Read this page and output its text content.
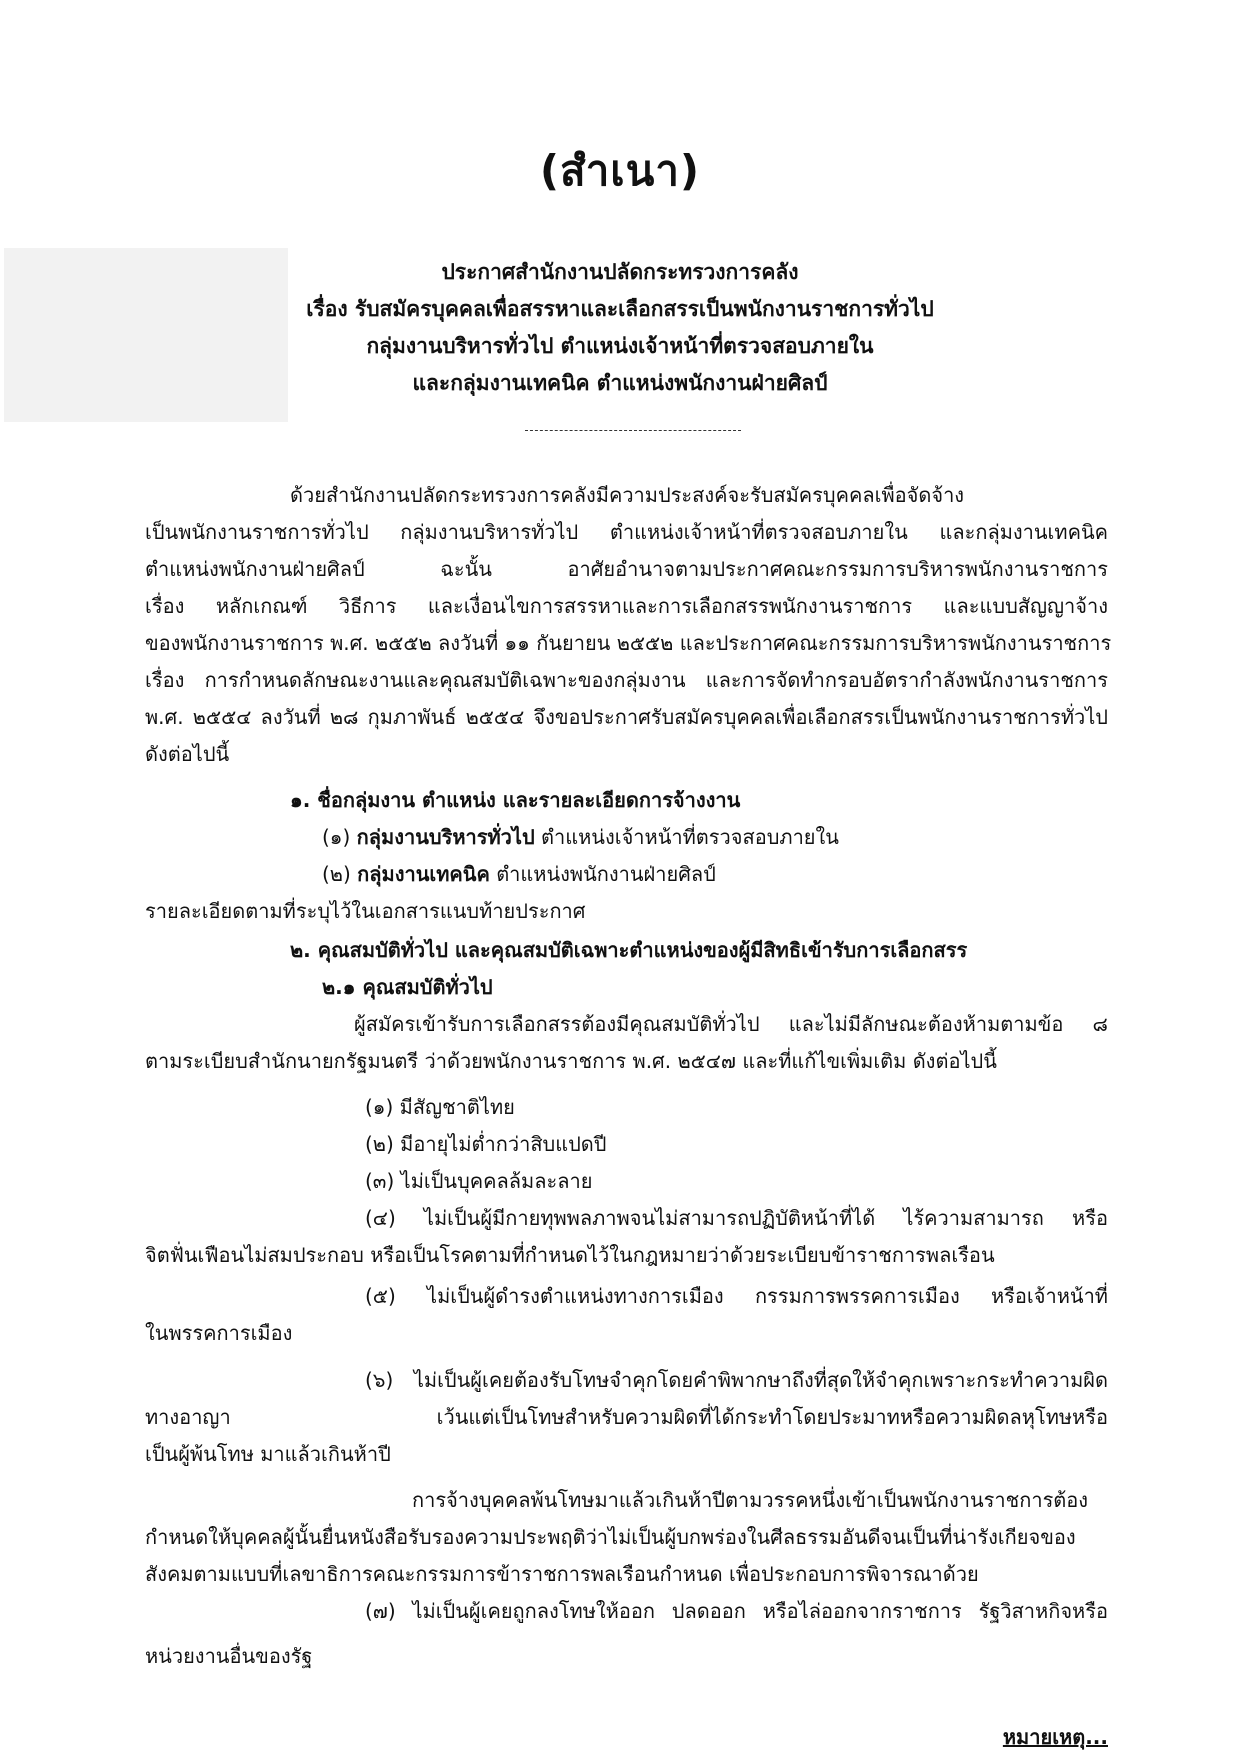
(สำเนา)
ประกาศสำนักงานปลัดกระทรวงการคลัง
เรื่อง รับสมัครบุคคลเพื่อสรรหาและเลือกสรรเป็นพนักงานราชการทั่วไป
กลุ่มงานบริหารทั่วไป ตำแหน่งเจ้าหน้าที่ตรวจสอบภายใน
และกลุ่มงานเทคนิค ตำแหน่งพนักงานฝ่ายศิลป์
ด้วยสำนักงานปลัดกระทรวงการคลังมีความประสงค์จะรับสมัครบุคคลเพื่อจัดจ้าง
เป็นพนักงานราชการทั่วไป กลุ่มงานบริหารทั่วไป ตำแหน่งเจ้าหน้าที่ตรวจสอบภายใน และกลุ่มงานเทคนิค
ตำแหน่งพนักงานฝ่ายศิลป์ ฉะนั้น อาศัยอำนาจตามประกาศคณะกรรมการบริหารพนักงานราชการ
เรื่อง หลักเกณฑ์ วิธีการ และเงื่อนไขการสรรหาและการเลือกสรรพนักงานราชการ และแบบสัญญาจ้าง
ของพนักงานราชการ พ.ศ. ๒๕๕๒ ลงวันที่ ๑๑ กันยายน ๒๕๕๒ และประกาศคณะกรรมการบริหารพนักงานราชการ
เรื่อง การกำหนดลักษณะงานและคุณสมบัติเฉพาะของกลุ่มงาน และการจัดทำกรอบอัตรากำลังพนักงานราชการ
พ.ศ. ๒๕๕๔ ลงวันที่ ๒๘ กุมภาพันธ์ ๒๕๕๔ จึงขอประกาศรับสมัครบุคคลเพื่อเลือกสรรเป็นพนักงานราชการทั่วไป
ดังต่อไปนี้
๑. ชื่อกลุ่มงาน ตำแหน่ง และรายละเอียดการจ้างงาน
(๑) กลุ่มงานบริหารทั่วไป ตำแหน่งเจ้าหน้าที่ตรวจสอบภายใน
(๒) กลุ่มงานเทคนิค ตำแหน่งพนักงานฝ่ายศิลป์
รายละเอียดตามที่ระบุไว้ในเอกสารแนบท้ายประกาศ
๒. คุณสมบัติทั่วไป และคุณสมบัติเฉพาะตำแหน่งของผู้มีสิทธิเข้ารับการเลือกสรร
๒.๑ คุณสมบัติทั่วไป
ผู้สมัครเข้ารับการเลือกสรรต้องมีคุณสมบัติทั่วไป และไม่มีลักษณะต้องห้ามตามข้อ ๘
ตามระเบียบสำนักนายกรัฐมนตรี ว่าด้วยพนักงานราชการ พ.ศ. ๒๕๔๗ และที่แก้ไขเพิ่มเติม ดังต่อไปนี้
(๑) มีสัญชาติไทย
(๒) มีอายุไม่ต่ำกว่าสิบแปดปี
(๓) ไม่เป็นบุคคลล้มละลาย
(๔) ไม่เป็นผู้มีกายทุพพลภาพจนไม่สามารถปฏิบัติหน้าที่ได้ ไร้ความสามารถ หรือ
จิตฟั่นเฟือนไม่สมประกอบ หรือเป็นโรคตามที่กำหนดไว้ในกฎหมายว่าด้วยระเบียบข้าราชการพลเรือน
(๕) ไม่เป็นผู้ดำรงตำแหน่งทางการเมือง กรรมการพรรคการเมือง หรือเจ้าหน้าที่
ในพรรคการเมือง
(๖) ไม่เป็นผู้เคยต้องรับโทษจำคุกโดยคำพิพากษาถึงที่สุดให้จำคุกเพราะกระทำความผิด
ทางอาญา เว้นแต่เป็นโทษสำหรับความผิดที่ได้กระทำโดยประมาทหรือความผิดลหุโทษหรือ
เป็นผู้พ้นโทษ มาแล้วเกินห้าปี
การจ้างบุคคลพ้นโทษมาแล้วเกินห้าปีตามวรรคหนึ่งเข้าเป็นพนักงานราชการต้อง
กำหนดให้บุคคลผู้นั้นยื่นหนังสือรับรองความประพฤติว่าไม่เป็นผู้บกพร่องในศีลธรรมอันดีจนเป็นที่น่ารังเกียจของ
สังคมตามแบบที่เลขาธิการคณะกรรมการข้าราชการพลเรือนกำหนด เพื่อประกอบการพิจารณาด้วย
(๗) ไม่เป็นผู้เคยถูกลงโทษให้ออก ปลดออก หรือไล่ออกจากราชการ รัฐวิสาหกิจหรือ
หน่วยงานอื่นของรัฐ
หมายเหตุ...
